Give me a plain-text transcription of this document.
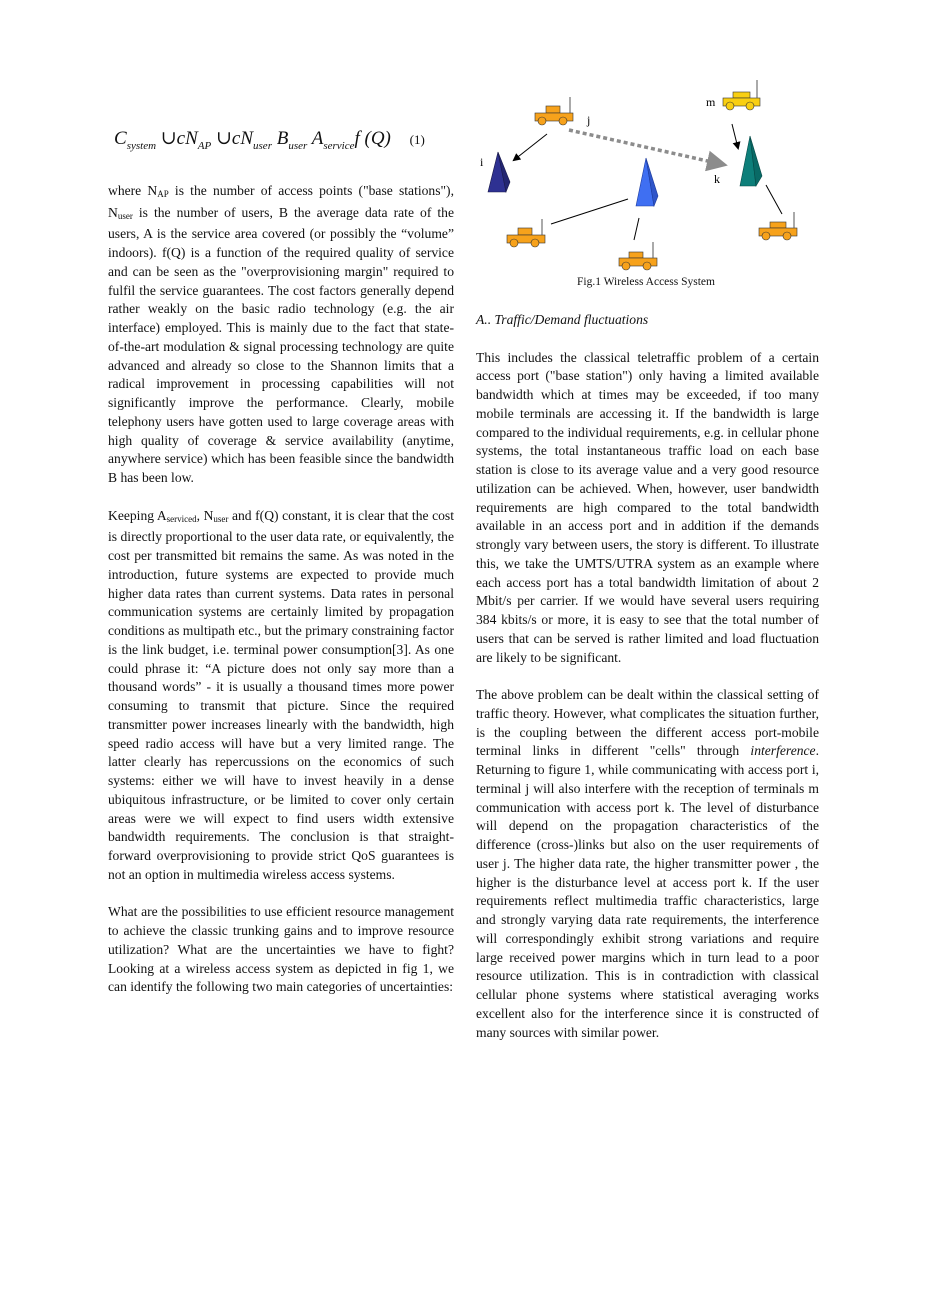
$C_{system}$ $\cup cN_{AP}$ $\cup cN_{user}$ $B_{user}$ $A_{service}f$ (Q) (1)

where $N_{AP}$ is the number of access points ("base stations"), $N_{user}$ is the number of users, B the average data rate of the users, A is the service area covered (or possibly the “volume” indoors). f(Q) is a function of the required quality of service and can be seen as the "overprovisioning margin" required to fulfil the service guarantees. The cost factors generally depend rather weakly on the basic radio technology (e.g. the air interface) employed. This is mainly due to the fact that state-of-the-art modulation & signal processing technology are quite advanced and already so close to the Shannon limits that a radical improvement in processing capabilities will not significantly improve the performance. Clearly, mobile telephony users have gotten used to large coverage areas with high quality of coverage & service availability (anytime, anywhere service) which has been feasible since the bandwidth B has been low.

Keeping $A_{serviced}$, $N_{user}$ and f(Q) constant, it is clear that the cost is directly proportional to the user data rate, or equivalently, the cost per transmitted bit remains the same. As was noted in the introduction, future systems are expected to provide much higher data rates than current systems. Data rates in personal communication systems are certainly limited by propagation conditions as multipath etc., but the primary constraining factor is the link budget, i.e. terminal power consumption[3]. As one could phrase it: “A picture does not only say more than a thousand words” - it is usually a thousand times more power consuming to transmit that picture. Since the required transmitter power increases linearly with the bandwidth, high speed radio access will have but a very limited range. The latter clearly has repercussions on the economics of such systems: either we will have to invest heavily in a dense ubiquitous infrastructure, or be limited to cover only certain areas were we will expect to find users width extensive bandwidth requirements. The conclusion is that straight-forward overprovisioning to provide strict QoS guarantees is not an option in multimedia wireless access systems.

What are the possibilities to use efficient resource management to achieve the classic trunking gains and to improve resource utilization? What are the uncertainties we have to fight? Looking at a wireless access system as depicted in fig 1, we can identify the following two main categories of uncertainties:

i
j
k
m
Fig.1 Wireless Access System

A.. Traffic/Demand fluctuations

This includes the classical teletraffic problem of a certain access port ("base station") only having a limited available bandwidth which at times may be exceeded, if too many mobile terminals are accessing it. If the bandwidth is large compared to the individual requirements, e.g. in cellular phone systems, the total instantaneous traffic load on each base station is close to its average value and a very good resource utilization can be achieved. When, however, user bandwidth requirements are high compared to the total bandwidth available in an access port and in addition if the demands strongly vary between users, the story is different. To illustrate this, we take the UMTS/UTRA system as an example where each access port has a total bandwidth limitation of about 2 Mbit/s per carrier. If we would have several users requiring 384 kbits/s or more, it is easy to see that the total number of users that can be served is rather limited and load fluctuation are likely to be significant.

The above problem can be dealt within the classical setting of traffic theory. However, what complicates the situation further, is the coupling between the different access port-mobile terminal links in different "cells" through interference. Returning to figure 1, while communicating with access port i, terminal j will also interfere with the reception of terminals m communication with access port k. The level of disturbance will depend on the propagation characteristics of the difference (cross-)links but also on the user requirements of user j. The higher data rate, the higher transmitter power , the higher is the disturbance level at access port k. If the user requirements reflect multimedia traffic characteristics, large and strongly varying data rate requirements, the interference will correspondingly exhibit strong variations and require large received power margins which in turn lead to a poor resource utilization. This is in contradiction with classical cellular phone systems where statistical averaging works excellent also for the interference since it is constructed of many sources with similar power.
